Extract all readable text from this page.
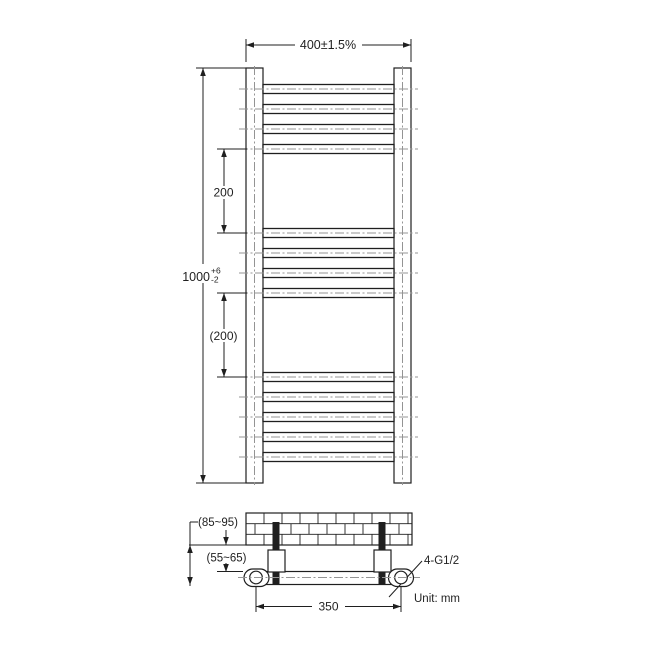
400±1.5%
1000 +6
-2
200
(200)
(85~95)
(55~65)
350
4-G1/2
Unit: mm
